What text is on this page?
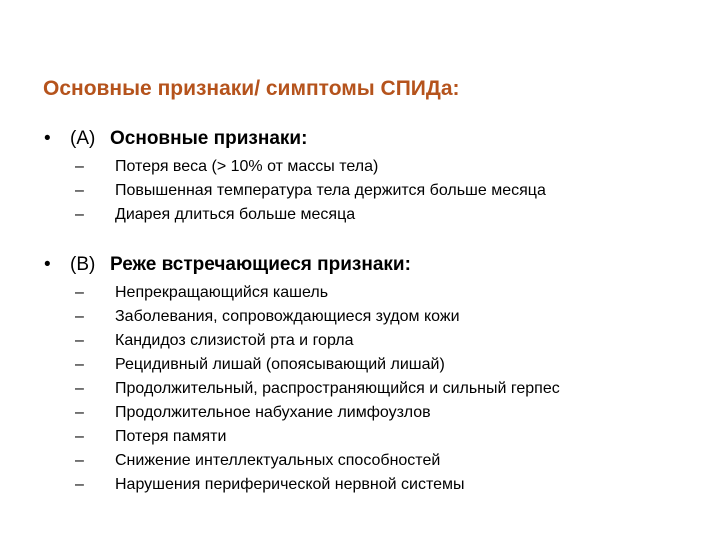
Основные признаки/ симптомы СПИДа:
• (А) Основные признаки:
– Потеря веса (> 10% от массы тела)
– Повышенная температура тела держится больше месяца
– Диарея длиться больше месяца
• (В) Реже встречающиеся признаки:
– Непрекращающийся кашель
– Заболевания, сопровождающиеся зудом кожи
– Кандидоз слизистой рта и горла
– Рецидивный лишай (опоясывающий лишай)
– Продолжительный, распространяющийся и сильный герпес
– Продолжительное набухание лимфоузлов
– Потеря памяти
– Снижение интеллектуальных способностей
– Нарушения периферической нервной системы
